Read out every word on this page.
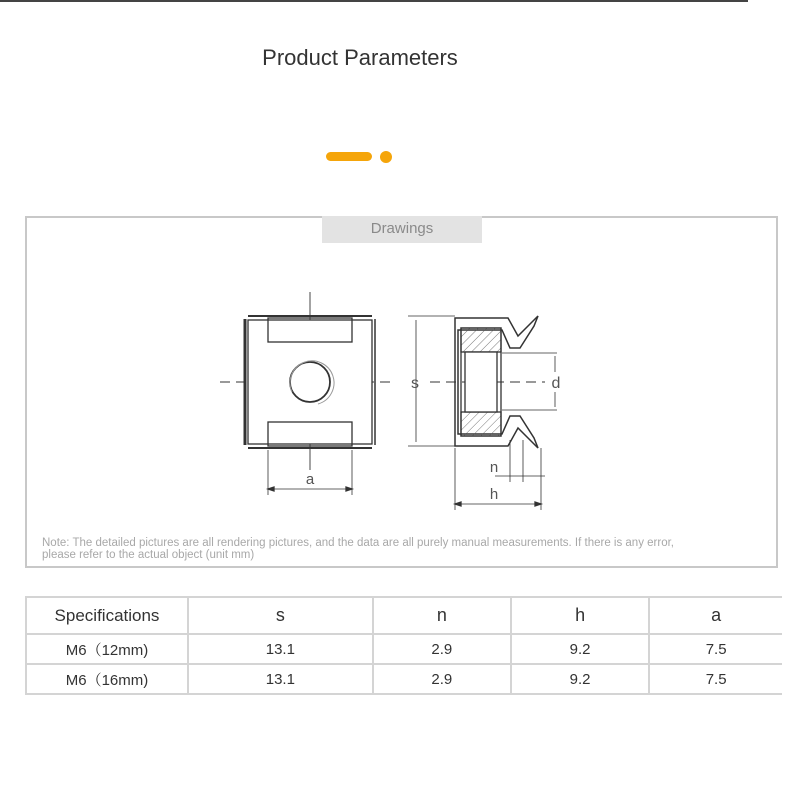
Product Parameters
Drawings
a
s	d
n
h
Note: The detailed pictures are all rendering pictures, and the data are all purely manual measurements. If there is any error,
please refer to the actual object (unit mm)
Specifications	s	n	h	a
M6（12mm)	13.1	2.9	9.2	7.5
M6（16mm)	13.1	2.9	9.2	7.5
